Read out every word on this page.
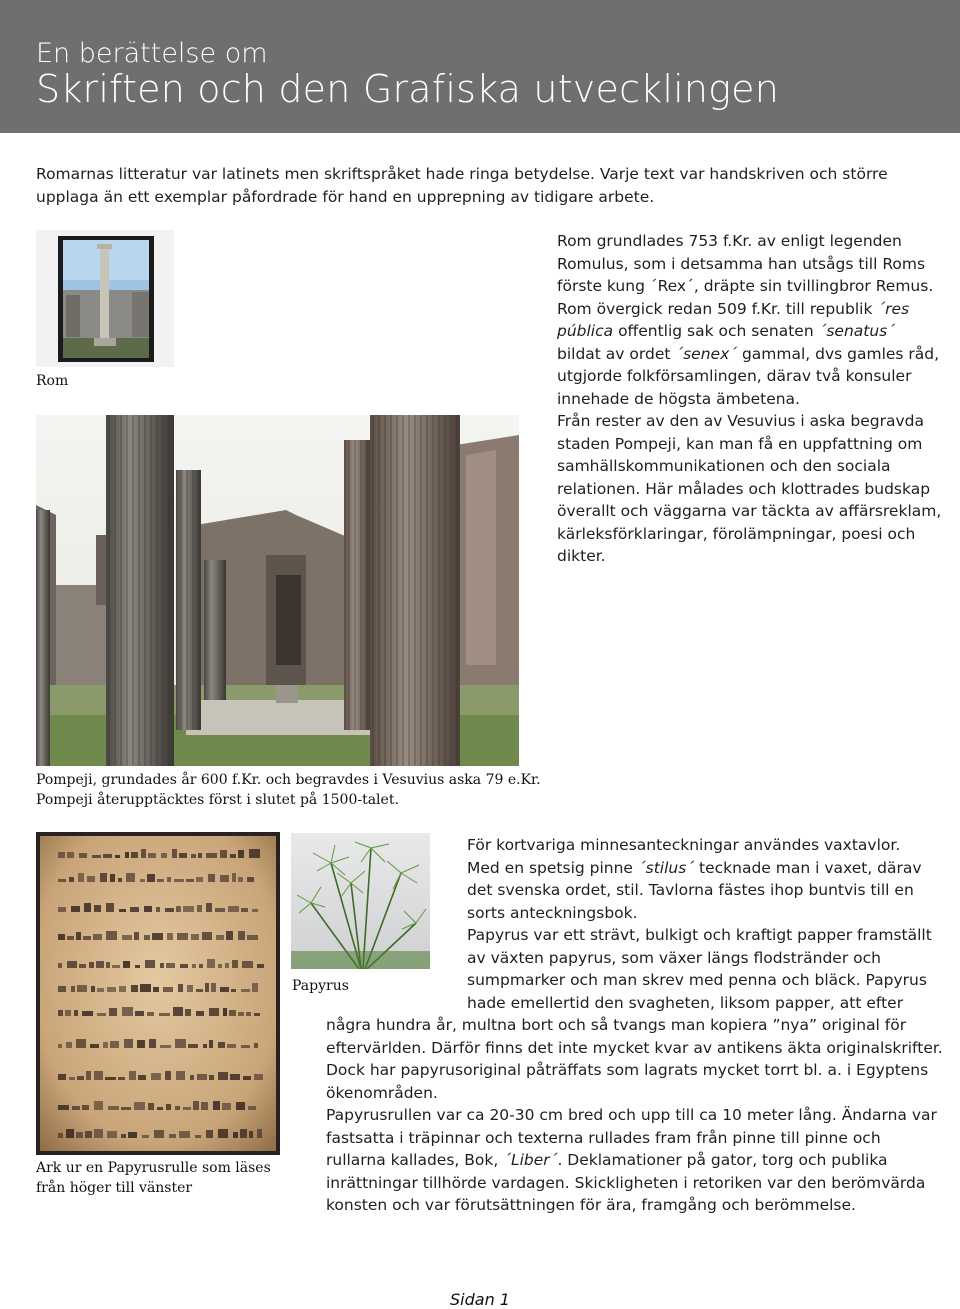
En berättelse om
Skriften och den Grafiska utvecklingen
Romarnas litteratur var latinets men skriftspråket hade ringa betydelse. Varje text var handskriven och större upplaga än ett exemplar påfordrade för hand en upprepning av tidigare arbete.
Rom

Rom grundlades 753 f.Kr. av enligt legenden

Romulus, som i detsamma han utsågs till Roms

förste kung ´Rex´, dräpte sin tvillingbror Remus.

Rom övergick redan 509 f.Kr. till republik ´res

pública offentlig sak och senaten ´senatus´

bildat av ordet ´senex´ gammal, dvs gamles råd,

utgjorde folkförsamlingen, därav två konsuler

innehade de högsta ämbetena.

Från rester av den av Vesuvius i aska begravda

staden Pompeji, kan man få en uppfattning om

samhällskommunikationen och den sociala

relationen. Här målades och klottrades budskap

överallt och väggarna var täckta av affärsreklam,

kärleksförklaringar, förolämpningar, poesi och

dikter.

Pompeji, grundades år 600 f.Kr. och begravdes i Vesuvius aska 79 e.Kr.
Pompeji återupptäcktes först i slutet på 1500-talet.
Ark ur en Papyrusrulle som läses
från höger till vänster
Papyrus

För kortvariga minnesanteckningar användes vaxtavlor.

Med en spetsig pinne ´stilus´ tecknade man i vaxet, därav

det svenska ordet, stil. Tavlorna fästes ihop buntvis till en

sorts anteckningsbok.

Papyrus var ett strävt, bulkigt och kraftigt papper framställt

av växten papyrus, som växer längs flodstränder och

sumpmarker och man skrev med penna och bläck. Papyrus

hade emellertid den svagheten, liksom papper, att efter

några hundra år, multna bort och så tvangs man kopiera ”nya” original för

eftervärlden. Därför finns det inte mycket kvar av antikens äkta originalskrifter.

Dock har papyrusoriginal påträffats som lagrats mycket torrt bl. a. i Egyptens

ökenområden.

Papyrusrullen var ca 20-30 cm bred och upp till ca 10 meter lång. Ändarna var

fastsatta i träpinnar och texterna rullades fram från pinne till pinne och

rullarna kallades, Bok, ´Liber´. Deklamationer på gator, torg och publika

inrättningar tillhörde vardagen. Skickligheten i retoriken var den berömvärda

konsten och var förutsättningen för ära, framgång och berömmelse.

Sidan 1
